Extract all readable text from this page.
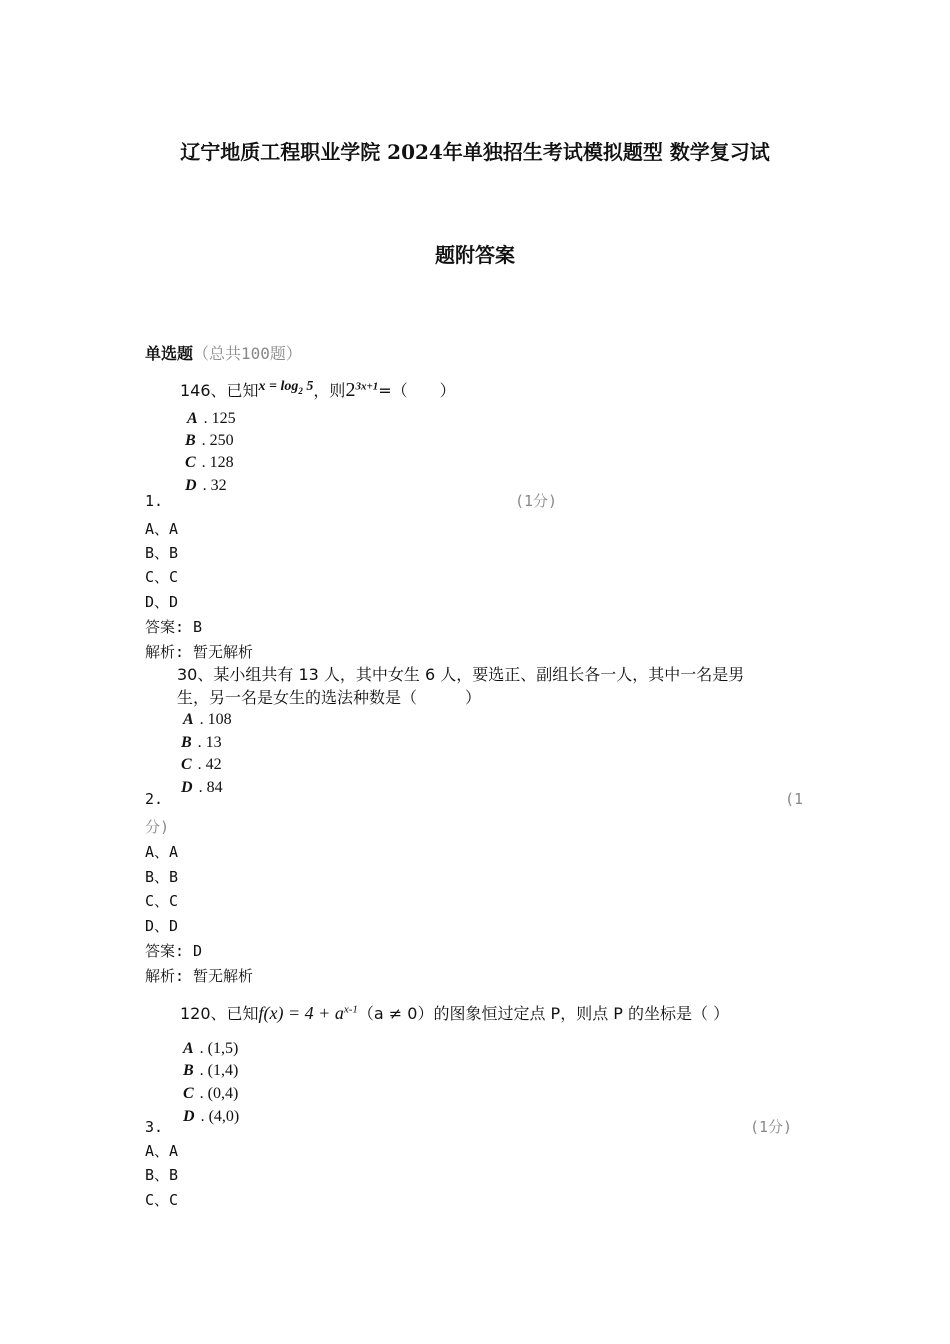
辽宁地质工程职业学院 2024年单独招生考试模拟题型 数学复习试
题附答案
单选题（总共100题）
146、已知$x = \log_2 5$，则$2^{3x+1}=$（　　）
A . 125
B . 250
C . 128
D . 32
1.	(1分)
A、A
B、B
C、C
D、D
答案: B
解析: 暂无解析
30、某小组共有 13 人，其中女生 6 人，要选正、副组长各一人，其中一名是男
生，另一名是女生的选法种数是（　　　）
A . 108
B . 13
C . 42
D . 84
2.	(1
分)
A、A
B、B
C、C
D、D
答案: D
解析: 暂无解析
120、已知$f(x) = 4 + a^{x-1}(a \ne 0)$的图象恒过定点 P，则点 P 的坐标是（ ）
A . (1,5)
B . (1,4)
C . (0,4)
D . (4,0)
3.	(1分)
A、A
B、B
C、C
